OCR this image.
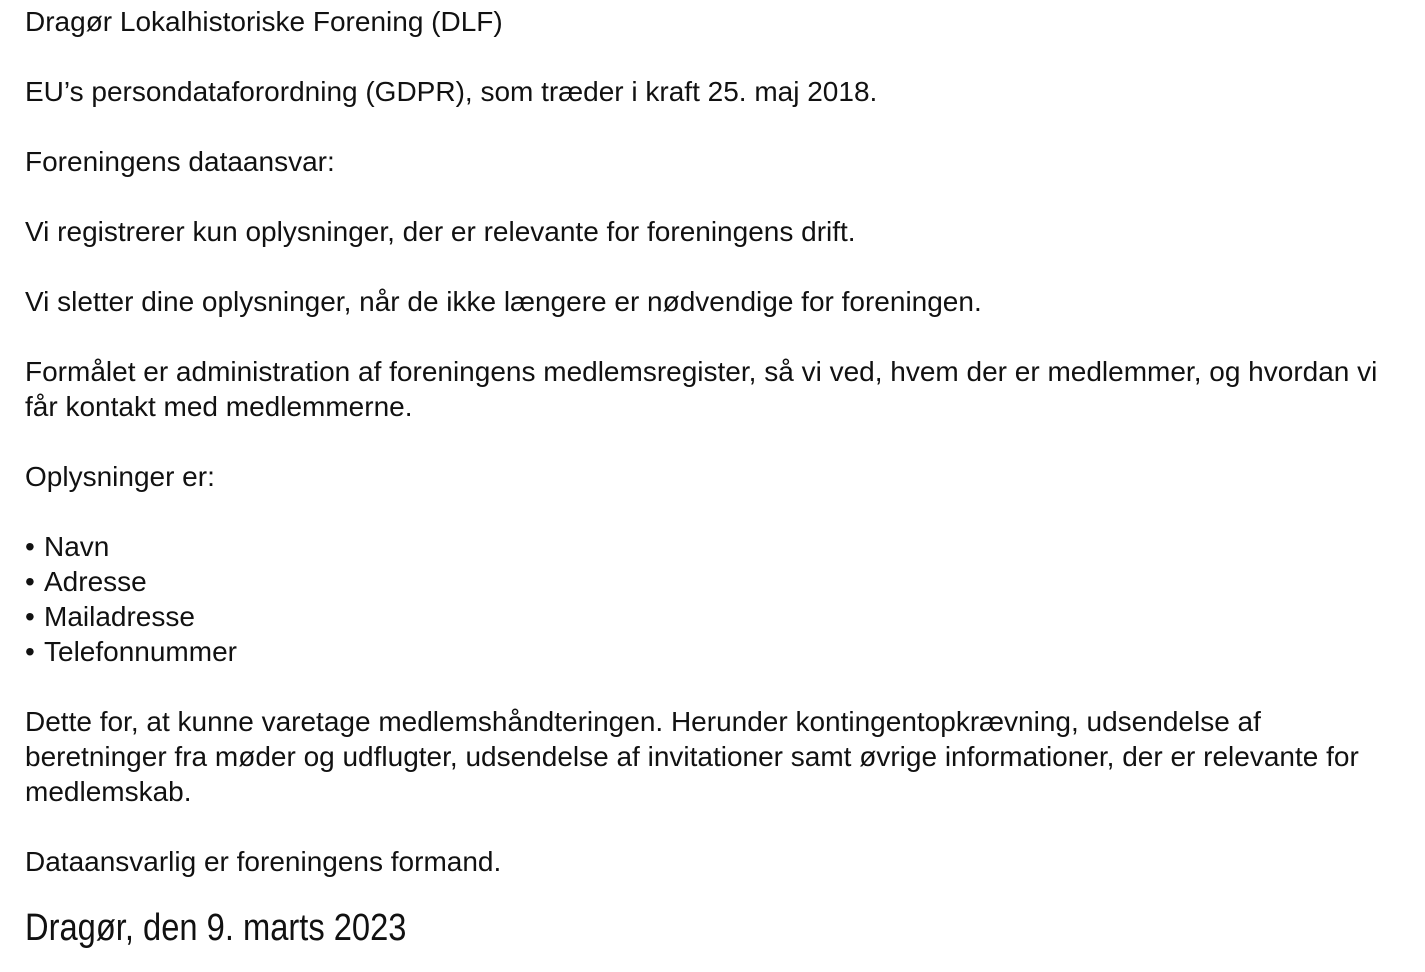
Dragør Lokalhistoriske Forening (DLF)

EU’s persondataforordning (GDPR), som træder i kraft 25. maj 2018.

Foreningens dataansvar:

Vi registrerer kun oplysninger, der er relevante for foreningens drift.

Vi sletter dine oplysninger, når de ikke længere er nødvendige for foreningen.

Formålet er administration af foreningens medlemsregister, så vi ved, hvem der er medlemmer, og hvordan vi får kontakt med medlemmerne.

Oplysninger er:

• Navn
• Adresse
• Mailadresse
• Telefonnummer

Dette for, at kunne varetage medlemshåndteringen. Herunder kontingentopkrævning, udsendelse af beretninger fra møder og udflugter, udsendelse af invitationer samt øvrige informationer, der er relevante for medlemskab.

Dataansvarlig er foreningens formand.

Dragør, den 9. marts 2023
